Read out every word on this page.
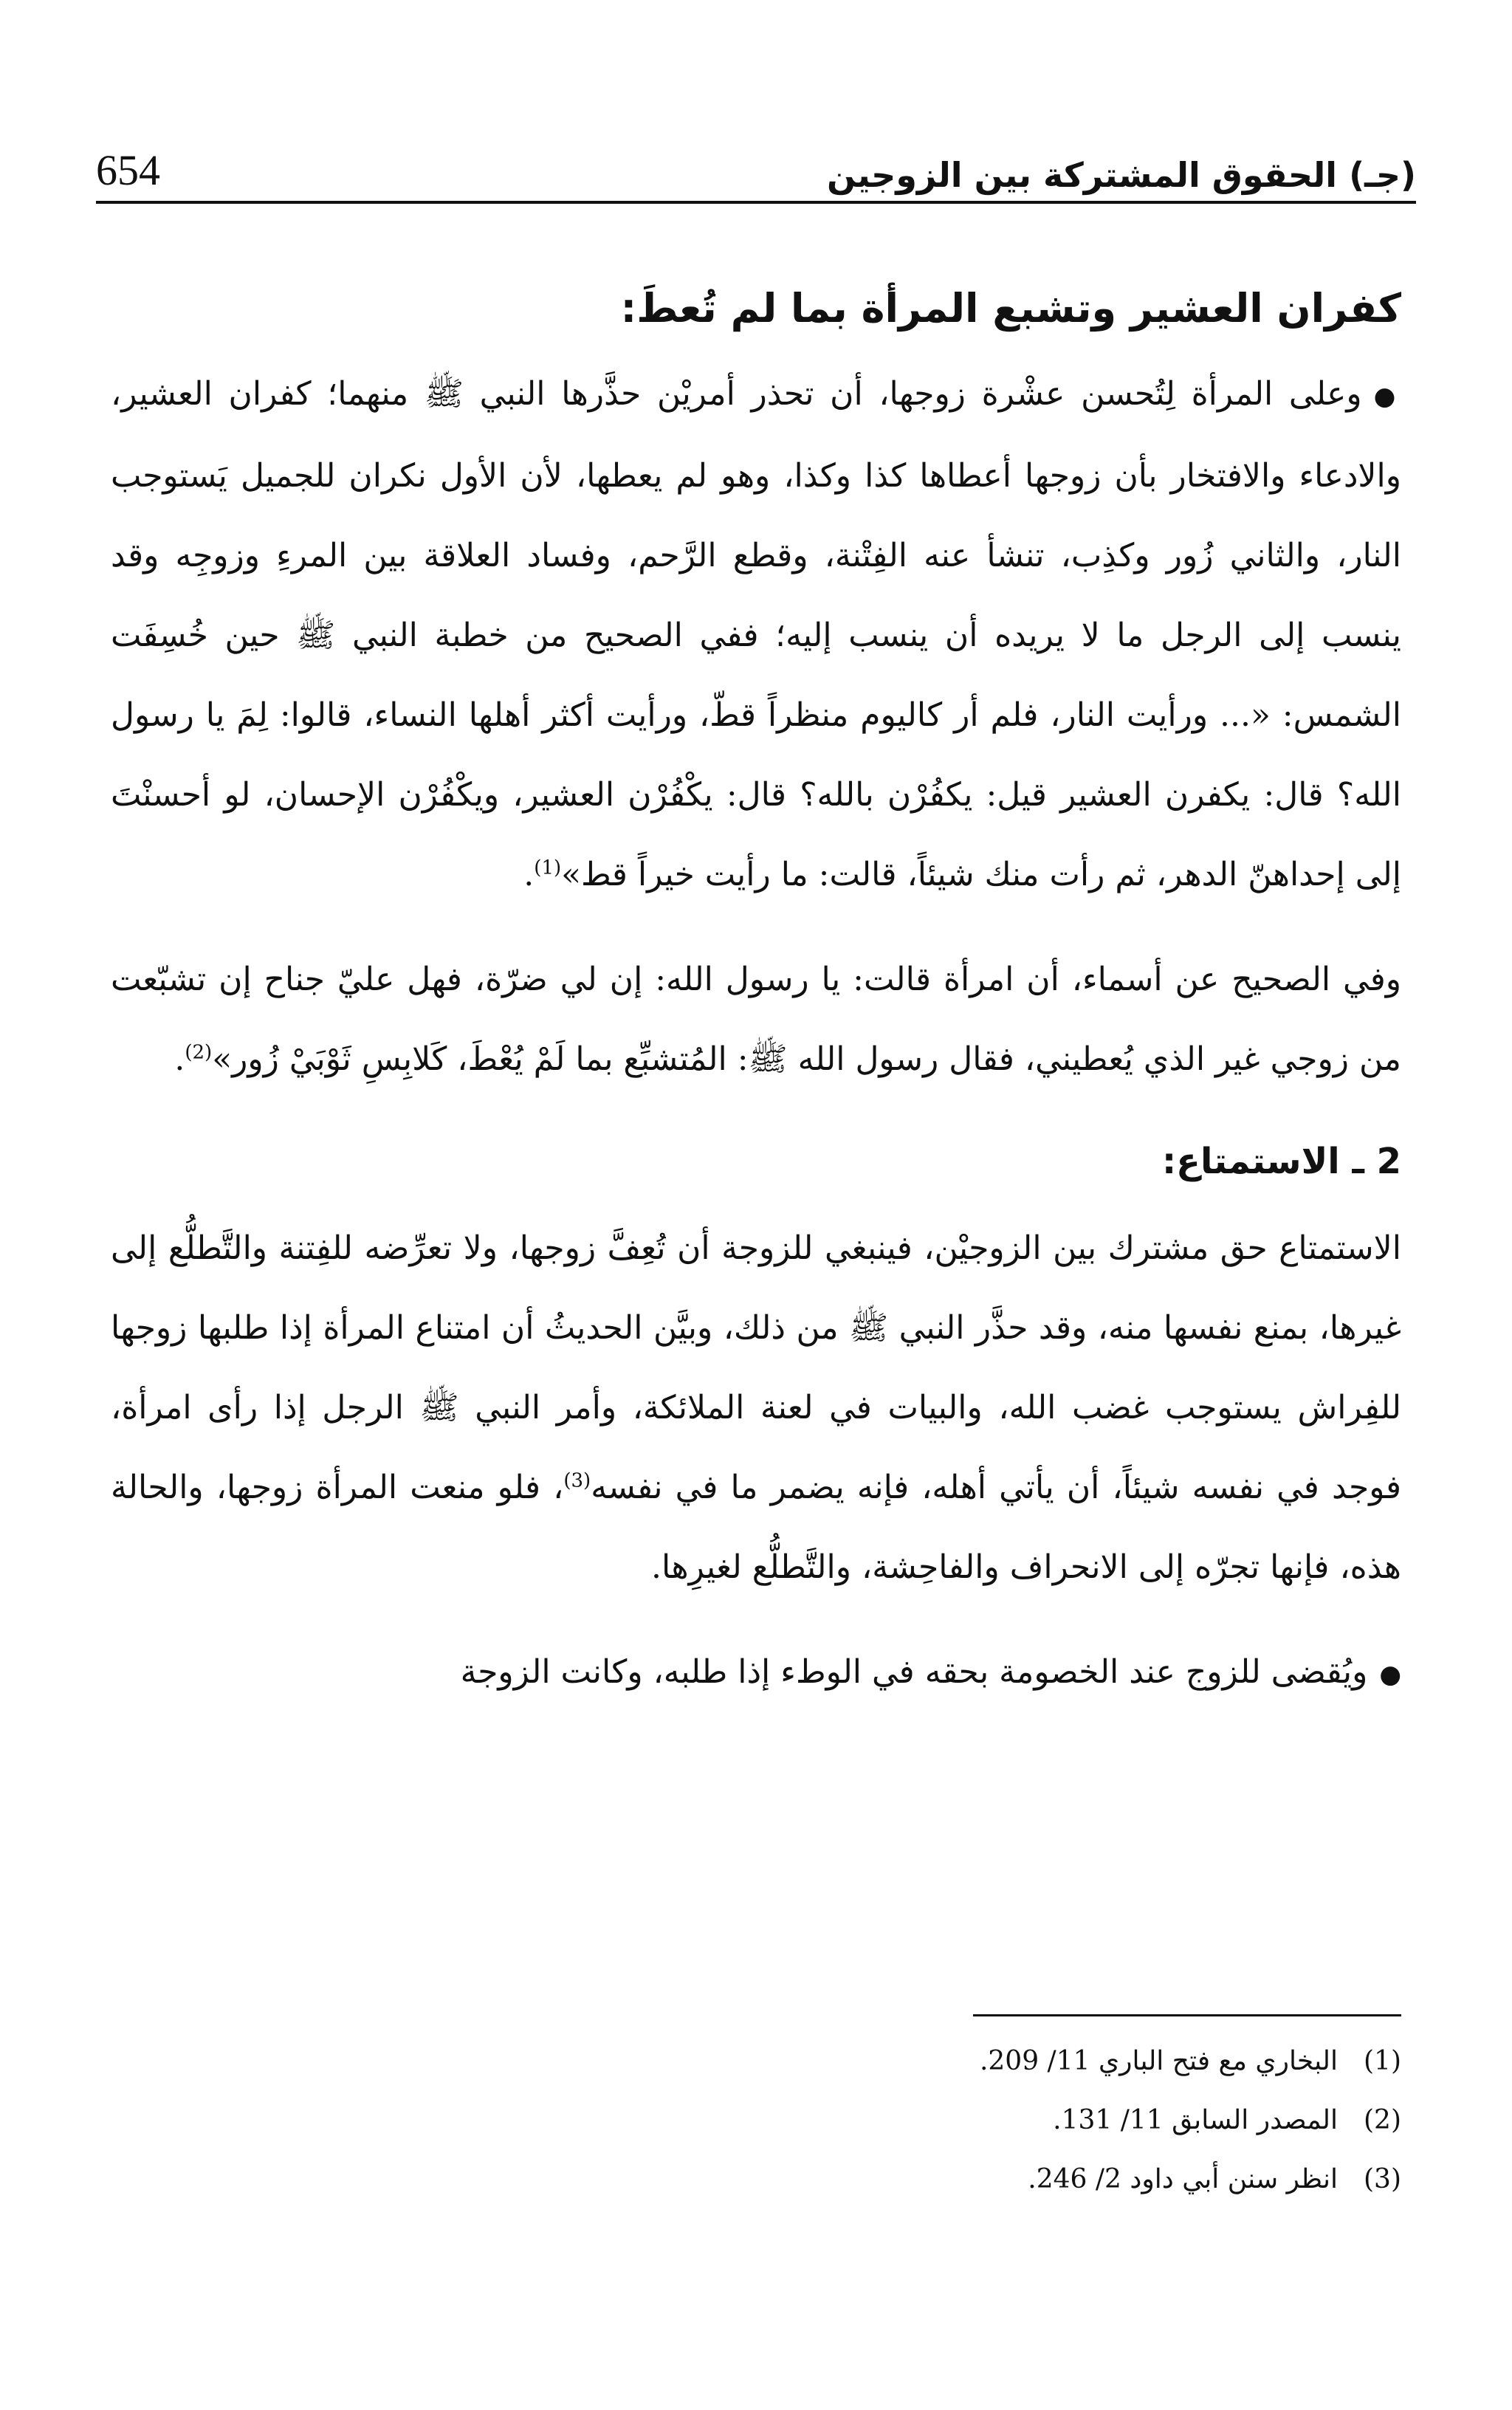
654	(جـ) الحقوق المشتركة بين الزوجين
كفران العشير وتشبع المرأة بما لم تُعطَ:

●وعلى المرأة لِتُحسن عشْرة زوجها، أن تحذر أمريْن حذَّرها النبي ﷺ منهما؛ كفران العشير، والادعاء والافتخار بأن زوجها أعطاها كذا وكذا، وهو لم يعطها، لأن الأول نكران للجميل يَستوجب النار، والثاني زُور وكذِب، تنشأ عنه الفِتْنة، وقطع الرَّحم، وفساد العلاقة بين المرءِ وزوجِه وقد ينسب إلى الرجل ما لا يريده أن ينسب إليه؛ ففي الصحيح من خطبة النبي ﷺ حين خُسِفَت الشمس: «... ورأيت النار، فلم أر كاليوم منظراً قطّ، ورأيت أكثر أهلها النساء، قالوا: لِمَ يا رسول الله؟ قال: يكفرن العشير قيل: يكفُرْن بالله؟ قال: يكْفُرْن العشير، ويكْفُرْن الإحسان، لو أحسنْتَ إلى إحداهنّ الدهر، ثم رأت منك شيئاً، قالت: ما رأيت خيراً قط»$^{(1)}$.

وفي الصحيح عن أسماء، أن امرأة قالت: يا رسول الله: إن لي ضرّة، فهل عليّ جناح إن تشبّعت من زوجي غير الذي يُعطيني، فقال رسول الله ﷺ: المُتشبِّع بما لَمْ يُعْطَ، كَلابِسِ ثَوْبَيْ زُور»$^{(2)}$.

2 ـ الاستمتاع:

الاستمتاع حق مشترك بين الزوجيْن، فينبغي للزوجة أن تُعِفَّ زوجها، ولا تعرِّضه للفِتنة والتَّطلُّع إلى غيرها، بمنع نفسها منه، وقد حذَّر النبي ﷺ من ذلك، وبيَّن الحديثُ أن امتناع المرأة إذا طلبها زوجها للفِراش يستوجب غضب الله، والبيات في لعنة الملائكة، وأمر النبي ﷺ الرجل إذا رأى امرأة، فوجد في نفسه شيئاً، أن يأتي أهله، فإنه يضمر ما في نفسه$^{(3)}$، فلو منعت المرأة زوجها، والحالة هذه، فإنها تجرّه إلى الانحراف والفاحِشة، والتَّطلُّع لغيرِها.

●ويُقضى للزوج عند الخصومة بحقه في الوطء إذا طلبه، وكانت الزوجة

(1)
البخاري مع فتح الباري 11/ 209.
(2)
المصدر السابق 11/ 131.
(3)
انظر سنن أبي داود 2/ 246.
